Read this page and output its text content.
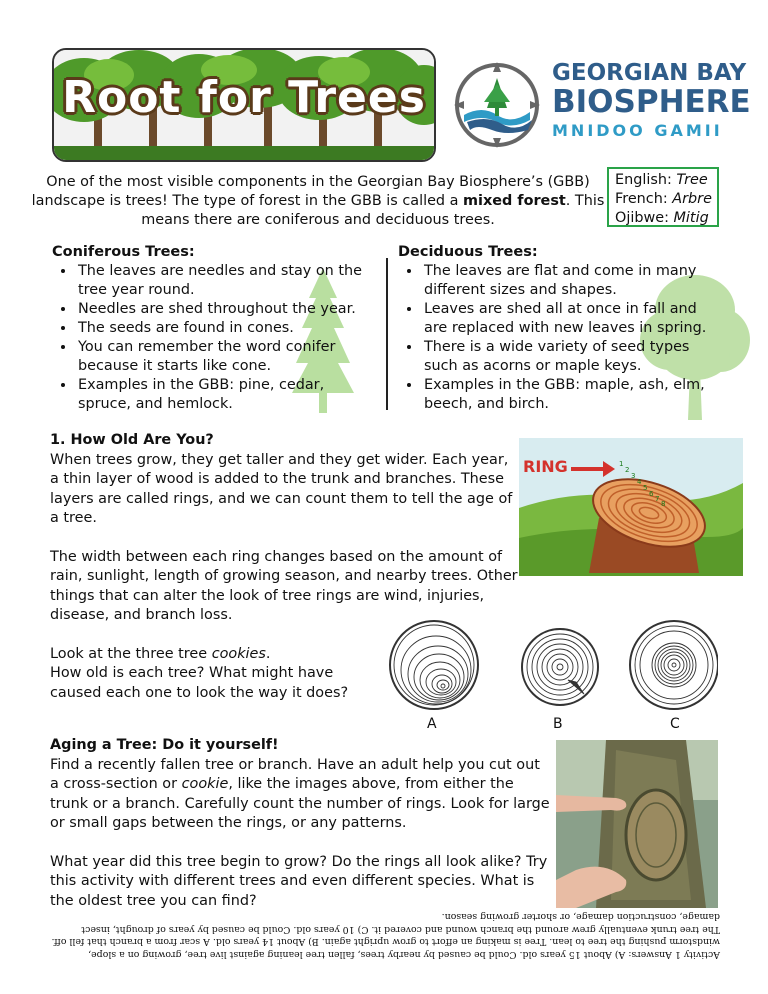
Root for Trees	GEORGIAN BAY
BIOSPHERE
MNIDOO GAMII
One of the most visible components in the Georgian Bay Biosphere’s (GBB) landscape is trees! The type of forest in the GBB is called a mixed forest. This means there are coniferous and deciduous trees.
English: Tree
French: Arbre
Ojibwe: Mitig
Coniferous Trees:
• The leaves are needles and stay on the tree year round.
• Needles are shed throughout the year.
• The seeds are found in cones.
• You can remember the word conifer because it starts like cone.
• Examples in the GBB: pine, cedar, spruce, and hemlock.
Deciduous Trees:
• The leaves are flat and come in many different sizes and shapes.
• Leaves are shed all at once in fall and are replaced with new leaves in spring.
• There is a wide variety of seed types such as acorns or maple keys.
• Examples in the GBB: maple, ash, elm, beech, and birch.

1. How Old Are You?

When trees grow, they get taller and they get wider. Each year, a thin layer of wood is added to the trunk and branches. These layers are called rings, and we can count them to tell the age of a tree.

The width between each ring changes based on the amount of rain, sunlight, length of growing season, and nearby trees. Other things that can alter the look of tree rings are wind, injuries, disease, and branch loss.

Look at the three tree cookies.

How old is each tree? What might have caused each one to look the way it does?

RING	1
2
3
4
5
6
7
8
A	B	C

Aging a Tree: Do it yourself!

Find a recently fallen tree or branch. Have an adult help you cut out a cross-section or cookie, like the images above, from either the trunk or a branch. Carefully count the number of rings. Look for large or small gaps between the rings, or any patterns.

What year did this tree begin to grow? Do the rings all look alike? Try this activity with different trees and even different species. What is the oldest tree you can find?

Activity 1 Answers: A) About 15 years old. Could be caused by nearby trees, fallen tree leaning against live tree, growing on a slope, windstorm pushing the tree to lean. Tree is making an effort to grow upright again. B) About 14 years old. A scar from a branch that fell off. The tree trunk eventually grew around the branch wound and covered it. C) 10 years old. Could be caused by years of drought, insect damage, construction damage, or shorter growing season.
